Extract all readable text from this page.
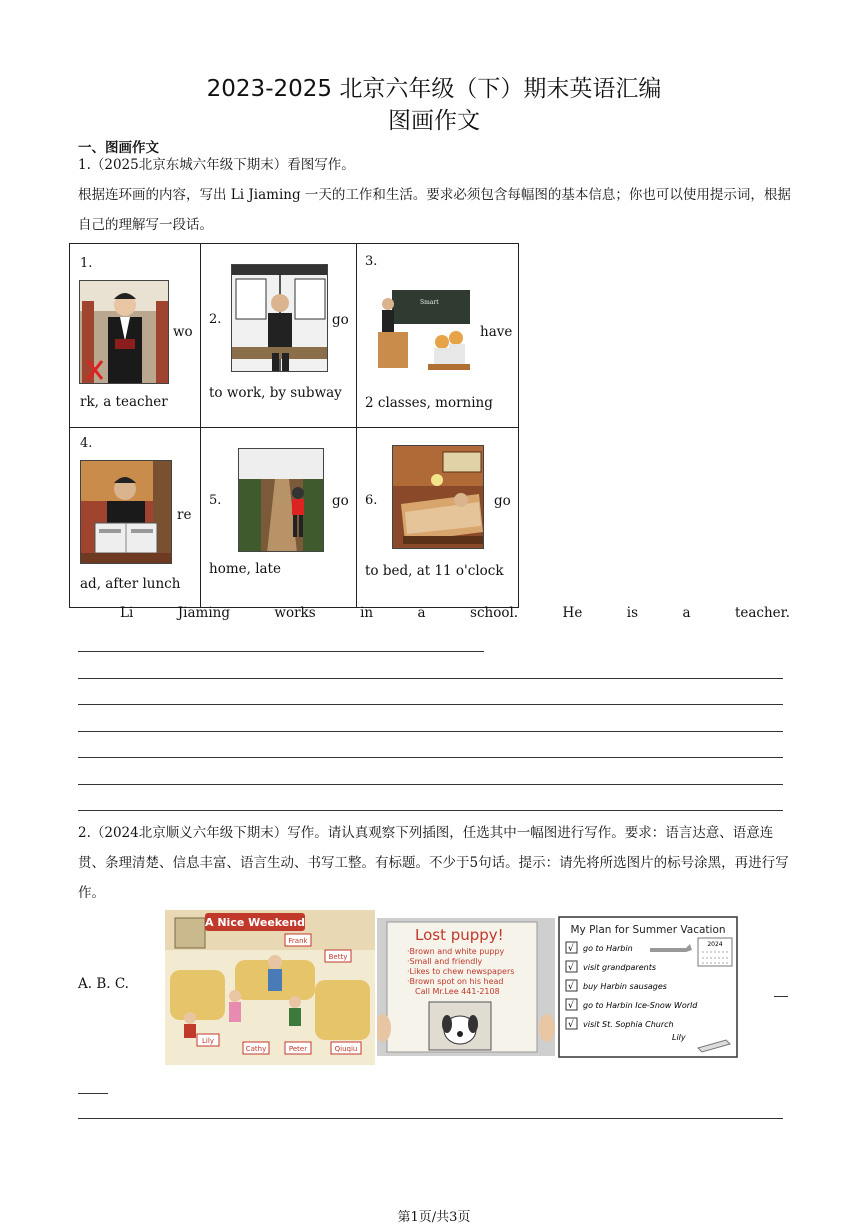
2023-2025 北京六年级（下）期末英语汇编
图画作文
一、图画作文
1.（2025北京东城六年级下期末）看图写作。
根据连环画的内容，写出 Li Jiaming 一天的工作和生活。要求必须包含每幅图的基本信息；你也可以使用提示词，根据自己的理解写一段话。
1.
wo
rk, a teacher	2. go
to work, by subway	3.
Smart
have
2 classes, morning

4.
re
ad, after lunch	5. go
home, late	6. go
to bed, at 11 o'clock
Li	Jiaming	works	in	a	school.	He	is	a	teacher.
2.（2024北京顺义六年级下期末）写作。请认真观察下列插图，任选其中一幅图进行写作。要求：语言达意、语意连贯、条理清楚、信息丰富、语言生动、书写工整。有标题。不少于5句话。提示：请先将所选图片的标号涂黑，再进行写作。
A. B. C.
A Nice Weekend
Frank
Betty
Lily
Cathy	Peter	Qiuqiu
Lost puppy!
·Brown and white puppy
·Small and friendly
·Likes to chew newspapers
·Brown spot on his head
Call Mr.Lee 441-2108
My Plan for Summer Vacation
2024
√ go to Harbin
√ visit grandparents
√ buy Harbin sausages
√ go to Harbin Ice-Snow World
√ visit St. Sophia Church
Lily
第1页/共3页
